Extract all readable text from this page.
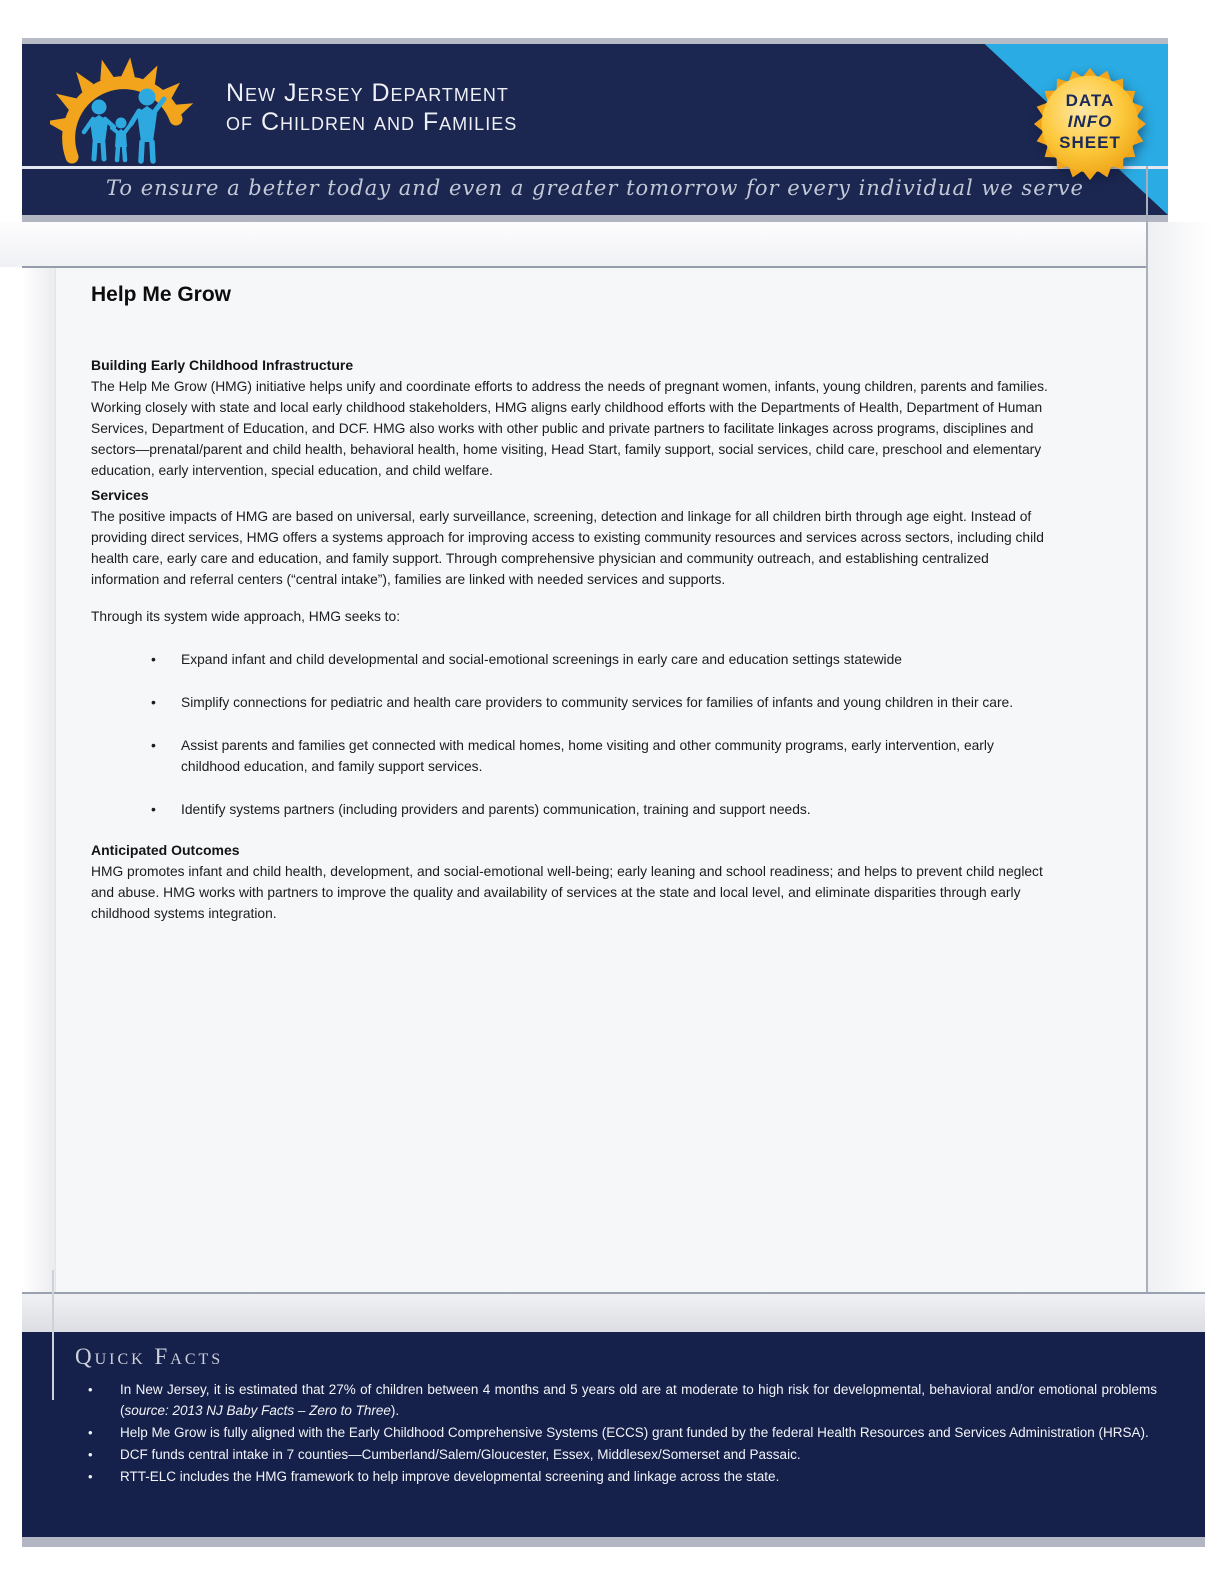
New Jersey Department
of Children and Families
To ensure a better today and even a greater tomorrow for every individual we serve
DATA
INFO
SHEET
Help Me Grow
Building Early Childhood Infrastructure

The Help Me Grow (HMG) initiative helps unify and coordinate efforts to address the needs of pregnant women, infants, young children, parents and families. Working closely with state and local early childhood stakeholders, HMG aligns early childhood efforts with the Departments of Health, Department of Human Services, Department of Education, and DCF. HMG also works with other public and private partners to facilitate linkages across programs, disciplines and sectors—prenatal/parent and child health, behavioral health, home visiting, Head Start, family support, social services, child care, preschool and elementary education, early intervention, special education, and child welfare.

Services

The positive impacts of HMG are based on universal, early surveillance, screening, detection and linkage for all children birth through age eight. Instead of providing direct services, HMG offers a systems approach for improving access to existing community resources and services across sectors, including child health care, early care and education, and family support. Through comprehensive physician and community outreach, and establishing centralized information and referral centers (“central intake”), families are linked with needed services and supports.

Through its system wide approach, HMG seeks to:

• Expand infant and child developmental and social-emotional screenings in early care and education settings statewide
• Simplify connections for pediatric and health care providers to community services for families of infants and young children in their care.
• Assist parents and families get connected with medical homes, home visiting and other community programs, early intervention, early childhood education, and family support services.
• Identify systems partners (including providers and parents) communication, training and support needs.
Anticipated Outcomes

HMG promotes infant and child health, development, and social-emotional well-being; early leaning and school readiness; and helps to prevent child neglect and abuse. HMG works with partners to improve the quality and availability of services at the state and local level, and eliminate disparities through early childhood systems integration.

Quick Facts
• In New Jersey, it is estimated that 27% of children between 4 months and 5 years old are at moderate to high risk for developmental, behavioral and/or emotional problems (source: 2013 NJ Baby Facts – Zero to Three).
• Help Me Grow is fully aligned with the Early Childhood Comprehensive Systems (ECCS) grant funded by the federal Health Resources and Services Administration (HRSA).
• DCF funds central intake in 7 counties—Cumberland/Salem/Gloucester, Essex, Middlesex/Somerset and Passaic.
• RTT-ELC includes the HMG framework to help improve developmental screening and linkage across the state.
